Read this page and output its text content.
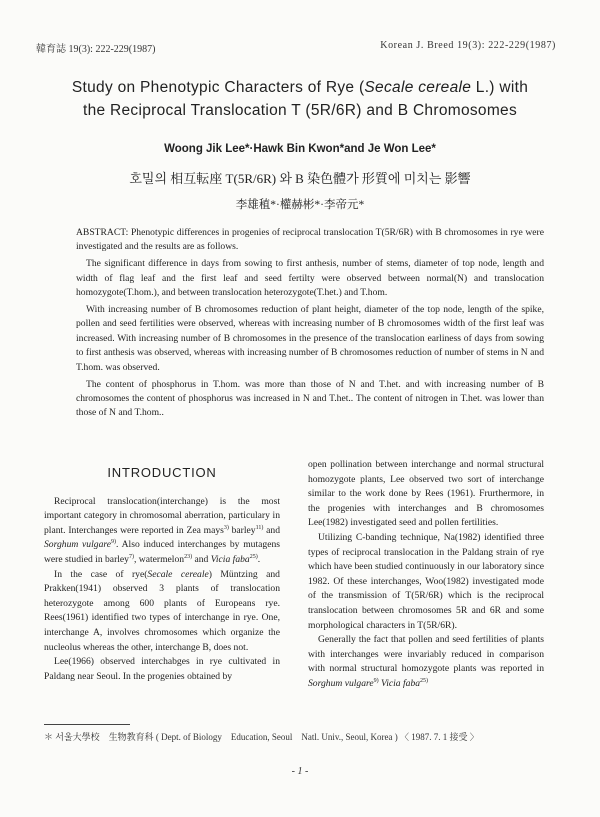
韓育誌 19(3): 222-229(1987)	Korean J. Breed 19(3): 222-229(1987)
Study on Phenotypic Characters of Rye (Secale cereale L.) with
the Reciprocal Translocation T (5R/6R) and B Chromosomes
Woong Jik Lee*·Hawk Bin Kwon*and Je Won Lee*
호밀의 相互転座 T(5R/6R) 와 B 染色體가 形質에 미치는 影響
李雄稙*·權赫彬*·李帝元*

ABSTRACT: Phenotypic differences in progenies of reciprocal translocation T(5R/6R) with B chromosomes in rye were investigated and the results are as follows.

The significant difference in days from sowing to first anthesis, number of stems, diameter of top node, length and width of flag leaf and the first leaf and seed fertilty were observed between normal(N) and translocation homozygote(T.hom.), and between translocation heterozygote(T.het.) and T.hom.

With increasing number of B chromosomes reduction of plant height, diameter of the top node, length of the spike, pollen and seed fertilities were observed, whereas with increasing number of B chromosomes width of the first leaf was increased. With increasing number of B chromosomes in the presence of the translocation earliness of days from sowing to first anthesis was observed, whereas with increasing number of B chromosomes reduction of number of stems in N and T.hom. was observed.

The content of phosphorus in T.hom. was more than those of N and T.het. and with increasing number of B chromosomes the content of phosphorus was increased in N and T.het.. The content of nitrogen in T.het. was lower than those of N and T.hom..

INTRODUCTION

Reciprocal translocation(interchange) is the most important category in chromosomal aberration, particulary in plant. Interchanges were reported in Zea mays$^{3)}$ barley$^{11)}$ and Sorghum vulgare$^{9)}$. Also induced interchanges by mutagens were studied in barley$^{7)}$, watermelon$^{23)}$ and Vicia faba$^{25)}$.

In the case of rye(Secale cereale) Müntzing and Prakken(1941) observed 3 plants of translocation heterozygote among 600 plants of Europeans rye. Rees(1961) identified two types of interchange in rye. One, interchange A, involves chromosomes which organize the nucleolus whereas the other, interchange B, does not.

Lee(1966) observed interchabges in rye cultivated in Paldang near Seoul. In the progenies obtained by

open pollination between interchange and normal structural homozygote plants, Lee observed two sort of interchange similar to the work done by Rees (1961). Frurthermore, in the progenies with interchanges and B chromosomes Lee(1982) investigated seed and pollen fertilities.

Utilizing C-banding technique, Na(1982) identified three types of reciprocal translocation in the Paldang strain of rye which have been studied continuously in our laboratory since 1982. Of these interchanges, Woo(1982) investigated mode of the transmission of T(5R/6R) which is the reciprocal translocation between chromosomes 5R and 6R and some morphological characters in T(5R/6R).

Generally the fact that pollen and seed fertilities of plants with interchanges were invariably reduced in comparison with normal structural homozygote plants was reported in Sorghum vulgare$^{9)}$ Vicia faba$^{25)}$

＊ 서울大學校　生物教育科 ( Dept. of Biology　Education, Seoul　Natl. Univ., Seoul, Korea ) 〈 1987. 7. 1 接受 〉
- 1 -
